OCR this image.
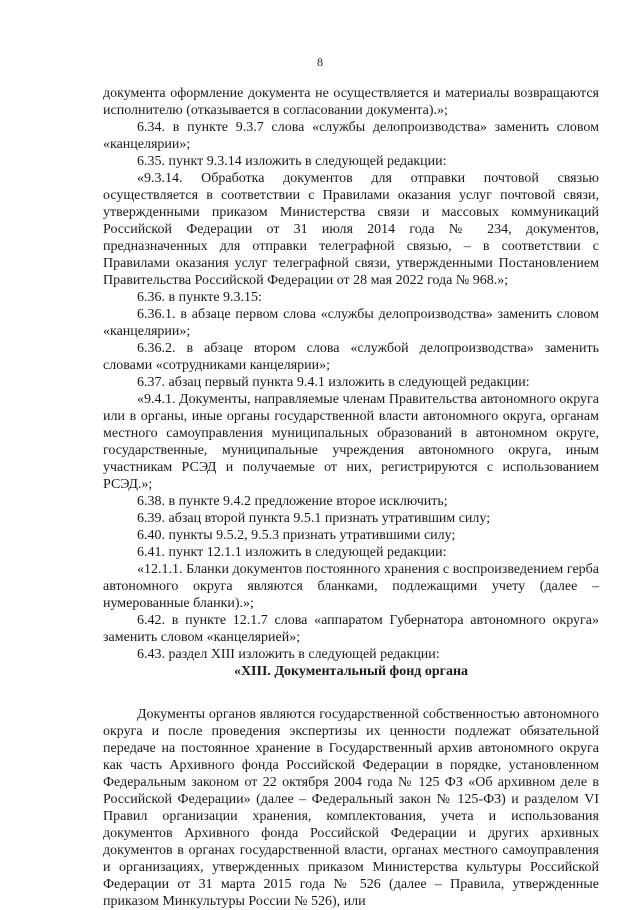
8

документа оформление документа не осуществляется и материалы возвращаются исполнителю (отказывается в согласовании документа).»;

6.34. в пункте 9.3.7 слова «службы делопроизводства» заменить словом «канцелярии»;

6.35. пункт 9.3.14 изложить в следующей редакции:

«9.3.14. Обработка документов для отправки почтовой связью осуществляется в соответствии с Правилами оказания услуг почтовой связи, утвержденными приказом Министерства связи и массовых коммуникаций Российской Федерации от 31 июля 2014 года № 234, документов, предназначенных для отправки телеграфной связью, – в соответствии с Правилами оказания услуг телеграфной связи, утвержденными Постановлением Правительства Российской Федерации от 28 мая 2022 года № 968.»;

6.36. в пункте 9.3.15:

6.36.1. в абзаце первом слова «службы делопроизводства» заменить словом «канцелярии»;

6.36.2. в абзаце втором слова «службой делопроизводства» заменить словами «сотрудниками канцелярии»;

6.37. абзац первый пункта 9.4.1 изложить в следующей редакции:

«9.4.1. Документы, направляемые членам Правительства автономного округа или в органы, иные органы государственной власти автономного округа, органам местного самоуправления муниципальных образований в автономном округе, государственные, муниципальные учреждения автономного округа, иным участникам РСЭД и получаемые от них, регистрируются с использованием РСЭД.»;

6.38. в пункте 9.4.2 предложение второе исключить;

6.39. абзац второй пункта 9.5.1 признать утратившим силу;

6.40. пункты 9.5.2, 9.5.3 признать утратившими силу;

6.41. пункт 12.1.1 изложить в следующей редакции:

«12.1.1. Бланки документов постоянного хранения с воспроизведением герба автономного округа являются бланками, подлежащими учету (далее – нумерованные бланки).»;

6.42. в пункте 12.1.7 слова «аппаратом Губернатора автономного округа» заменить словом «канцелярией»;

6.43. раздел XIII изложить в следующей редакции:

«XIII. Документальный фонд органа

Документы органов являются государственной собственностью автономного округа и после проведения экспертизы их ценности подлежат обязательной передаче на постоянное хранение в Государственный архив автономного округа как часть Архивного фонда Российской Федерации в порядке, установленном Федеральным законом от 22 октября 2004 года № 125 ФЗ «Об архивном деле в Российской Федерации» (далее – Федеральный закон № 125-ФЗ) и разделом VI Правил организации хранения, комплектования, учета и использования документов Архивного фонда Российской Федерации и других архивных документов в органах государственной власти, органах местного самоуправления и организациях, утвержденных приказом Министерства культуры Российской Федерации от 31 марта 2015 года № 526 (далее – Правила, утвержденные приказом Минкультуры России № 526), или
